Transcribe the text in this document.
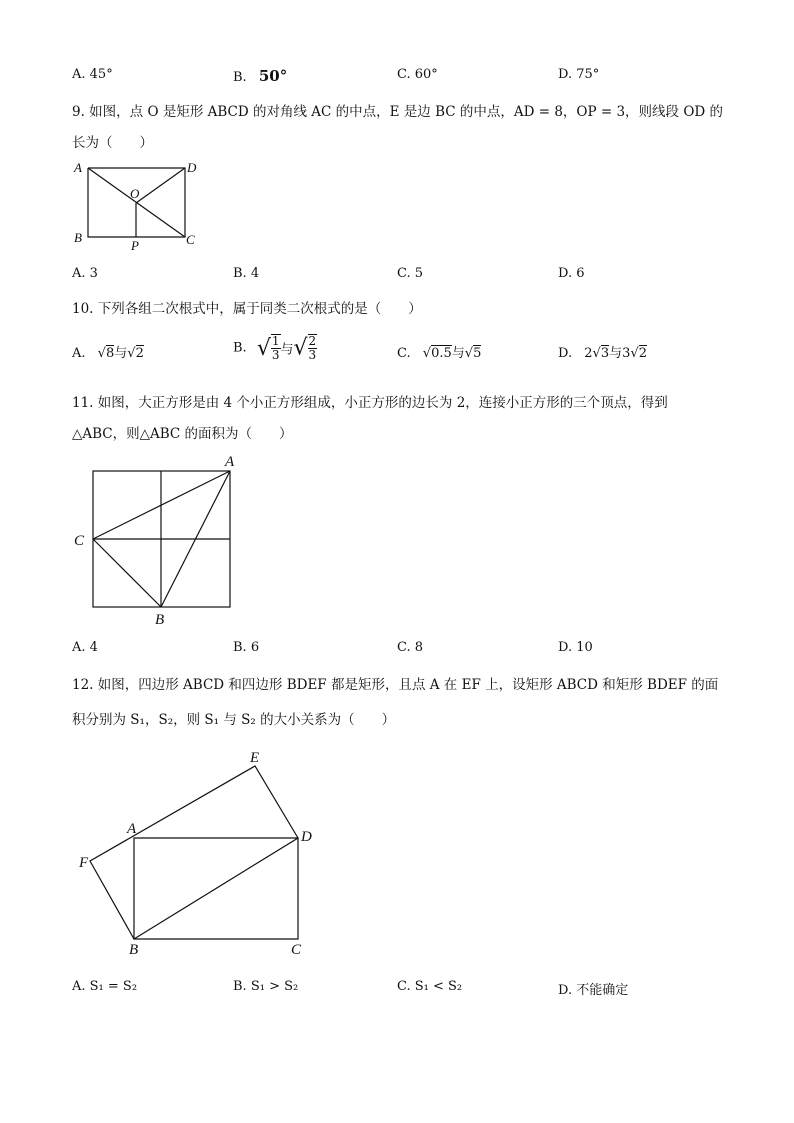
A. 45°	B. 50°	C. 60°	D. 75°
9. 如图，点 O 是矩形 ABCD 的对角线 AC 的中点，E 是边 BC 的中点，AD = 8，OP = 3，则线段 OD 的
长为（　　）
A	D
B	C
O
P
A. 3	B. 4	C. 5	D. 6
10. 下列各组二次根式中，属于同类二次根式的是（　　）
A. √8与√2	B. √ $\frac{1}{3}$ 与√ $\frac{2}{3}$	C. √0.5与√5	D. 2√3与3√2
11. 如图，大正方形是由 4 个小正方形组成，小正方形的边长为 2，连接小正方形的三个顶点，得到
△ABC，则△ABC 的面积为（　　）
A
C
B
A. 4	B. 6	C. 8	D. 10
12. 如图，四边形 ABCD 和四边形 BDEF 都是矩形，且点 A 在 EF 上，设矩形 ABCD 和矩形 BDEF 的面
积分别为 S₁，S₂，则 S₁ 与 S₂ 的大小关系为（　　）
A	D
E
F
B	C
A. S₁ = S₂	B. S₁ > S₂	C. S₁ < S₂	D. 不能确定
